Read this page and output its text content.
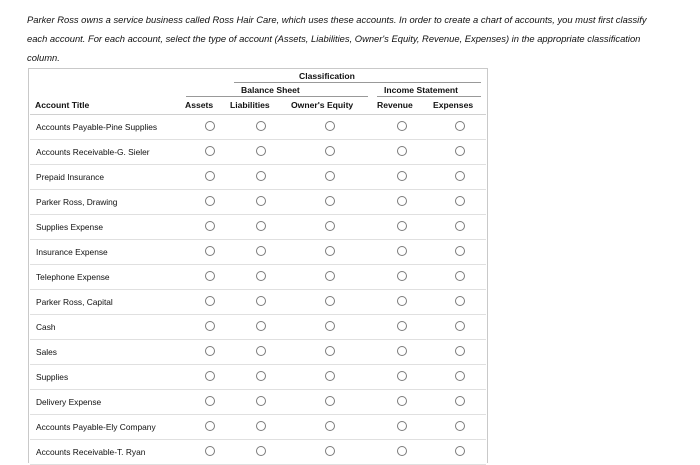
Parker Ross owns a service business called Ross Hair Care, which uses these accounts. In order to create a chart of accounts, you must first classify
each account. For each account, select the type of account (Assets, Liabilities, Owner's Equity, Revenue, Expenses) in the appropriate classification
column.
Classification
Balance Sheet	Income Statement
Account Title	Assets Liabilities Owner's Equity	Revenue Expenses
Accounts Payable-Pine Supplies					
Accounts Receivable-G. Sieler					
Prepaid Insurance					
Parker Ross, Drawing					
Supplies Expense					
Insurance Expense					
Telephone Expense					
Parker Ross, Capital					
Cash					
Sales					
Supplies					
Delivery Expense					
Accounts Payable-Ely Company					
Accounts Receivable-T. Ryan					
